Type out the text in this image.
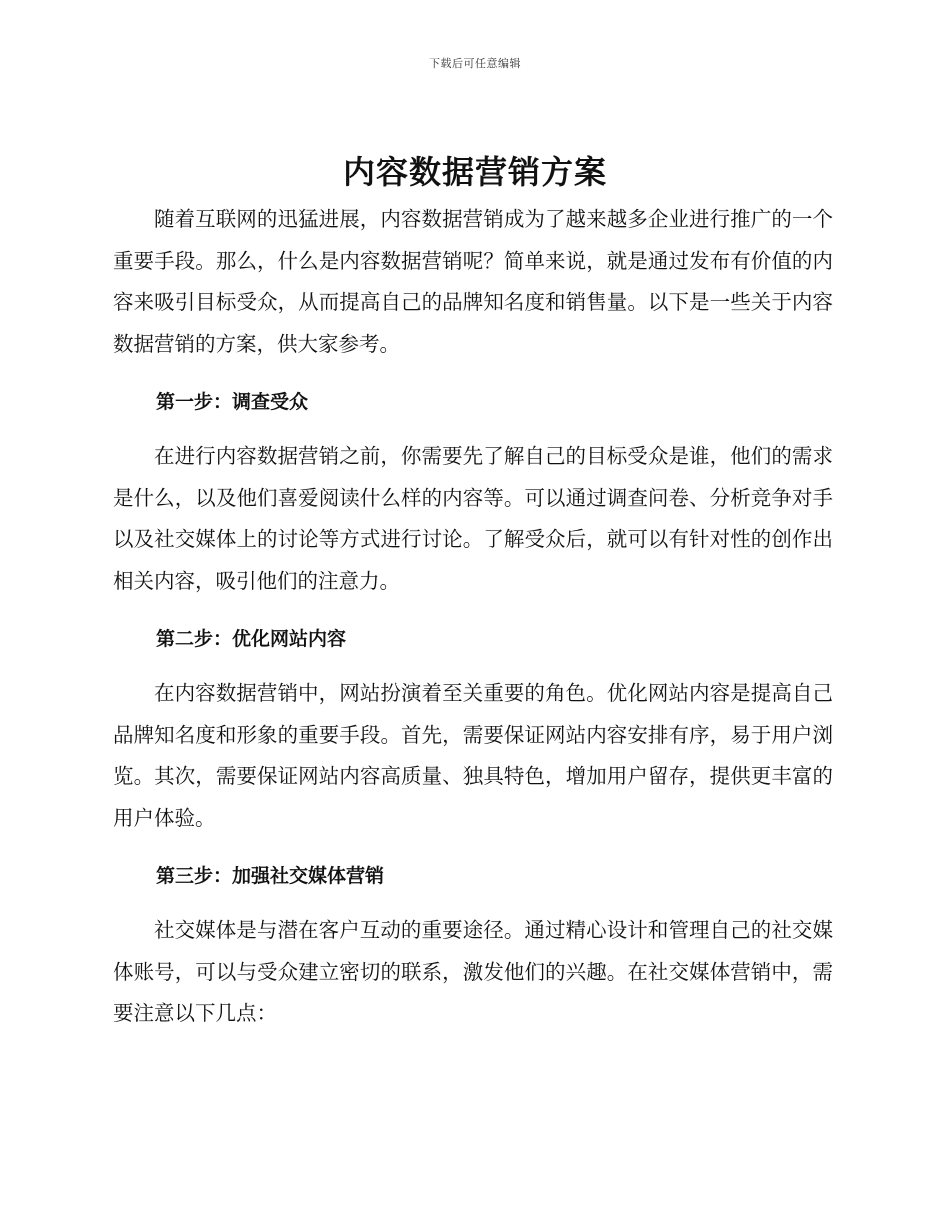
下载后可任意编辑
内容数据营销方案

随着互联网的迅猛进展，内容数据营销成为了越来越多企业进行推广的一个重要手段。那么，什么是内容数据营销呢？简单来说，就是通过发布有价值的内容来吸引目标受众，从而提高自己的品牌知名度和销售量。以下是一些关于内容数据营销的方案，供大家参考。

第一步：调查受众

在进行内容数据营销之前，你需要先了解自己的目标受众是谁，他们的需求是什么，以及他们喜爱阅读什么样的内容等。可以通过调查问卷、分析竞争对手以及社交媒体上的讨论等方式进行讨论。了解受众后，就可以有针对性的创作出相关内容，吸引他们的注意力。

第二步：优化网站内容

在内容数据营销中，网站扮演着至关重要的角色。优化网站内容是提高自己品牌知名度和形象的重要手段。首先，需要保证网站内容安排有序，易于用户浏览。其次，需要保证网站内容高质量、独具特色，增加用户留存，提供更丰富的用户体验。

第三步：加强社交媒体营销

社交媒体是与潜在客户互动的重要途径。通过精心设计和管理自己的社交媒体账号，可以与受众建立密切的联系，激发他们的兴趣。在社交媒体营销中，需要注意以下几点：
